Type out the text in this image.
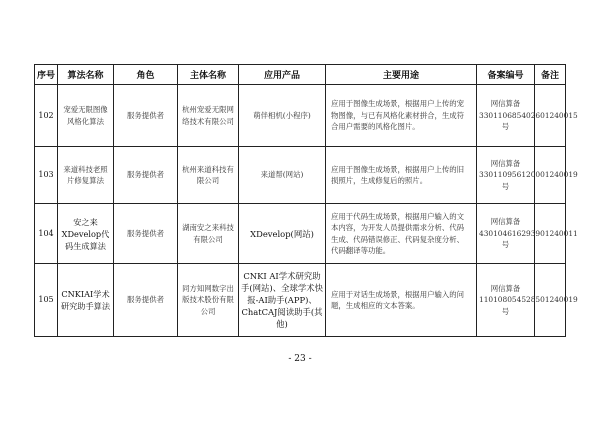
序号	算法名称	角色	主体名称	应用产品	主要用途	备案编号	备注
102	宠爱无限图像风格化算法	服务提供者	杭州宠爱无限网络技术有限公司	萌伴相机(小程序)	应用于图像生成场景，根据用户上传的宠物图像，与已有风格化素材拼合，生成符合用户需要的风格化图片。	网信算备330110685402601240015号	
103	来道科技老照片修复算法	服务提供者	杭州来道科技有限公司	来道帮(网站)	应用于图像生成场景，根据用户上传的旧损照片，生成修复后的照片。	网信算备330110956120001240019号	
104	安之来XDevelop代码生成算法	服务提供者	湖南安之来科技有限公司	XDevelop(网站)	应用于代码生成场景，根据用户输入的文本内容，为开发人员提供需求分析、代码生成、代码错误修正、代码复杂度分析、代码翻译等功能。	网信算备430104616293901240011号	
105	CNKIAI学术研究助手算法	服务提供者	同方知网数字出版技术股份有限公司	CNKI AI学术研究助手(网站)、全球学术快报-AI助手(APP)、ChatCAJ阅读助手(其他)	应用于对话生成场景，根据用户输入的问题，生成相应的文本答案。	网信算备110108054528501240019号	
- 23 -
